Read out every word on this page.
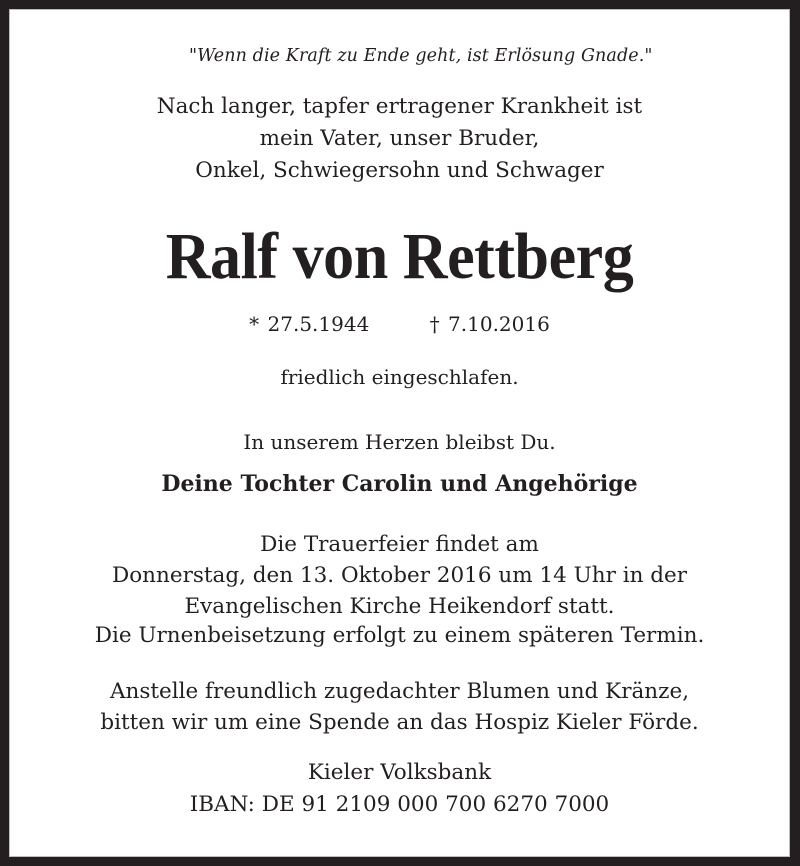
"Wenn die Kraft zu Ende geht, ist Erlösung Gnade."
Nach langer, tapfer ertragener Krankheit ist
mein Vater, unser Bruder,
Onkel, Schwiegersohn und Schwager
Ralf von Rettberg
* 27.5.1944	† 7.10.2016
friedlich eingeschlafen.
In unserem Herzen bleibst Du.
Deine Tochter Carolin und Angehörige
Die Trauerfeier findet am
Donnerstag, den 13. Oktober 2016 um 14 Uhr in der
Evangelischen Kirche Heikendorf statt.
Die Urnenbeisetzung erfolgt zu einem späteren Termin.
Anstelle freundlich zugedachter Blumen und Kränze,
bitten wir um eine Spende an das Hospiz Kieler Förde.
Kieler Volksbank
IBAN: DE 91 2109 000 700 6270 7000
